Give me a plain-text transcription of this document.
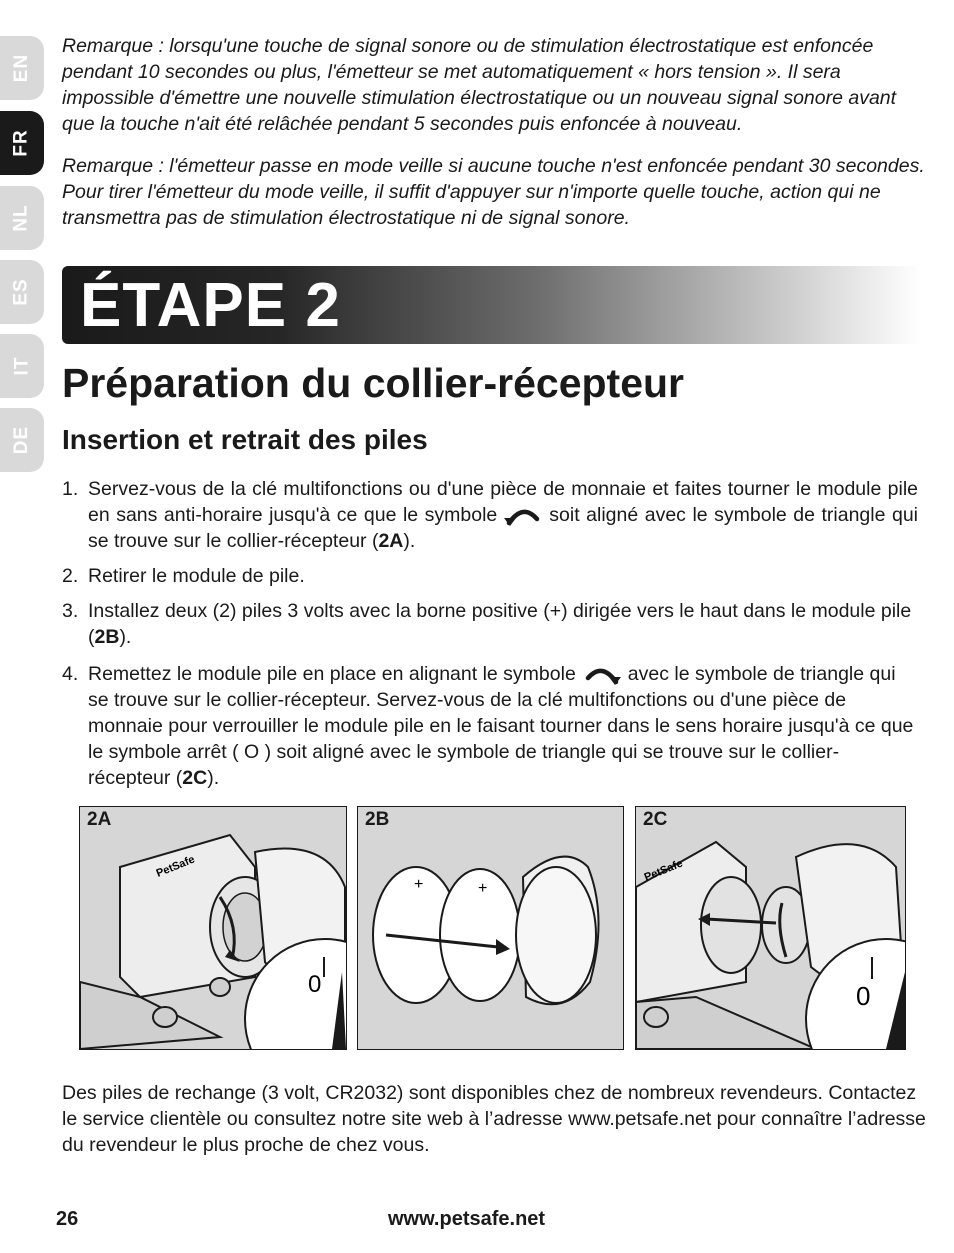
EN
FR
NL
ES
IT
DE

Remarque : lorsqu'une touche de signal sonore ou de stimulation électrostatique est enfoncée pendant 10 secondes ou plus, l'émetteur se met automatiquement « hors tension ». Il sera impossible d'émettre une nouvelle stimulation électrostatique ou un nouveau signal sonore avant que la touche n'ait été relâchée pendant 5 secondes puis enfoncée à nouveau.

Remarque : l'émetteur passe en mode veille si aucune touche n'est enfoncée pendant 30 secondes. Pour tirer l'émetteur du mode veille, il suffit d'appuyer sur n'importe quelle touche, action qui ne transmettra pas de stimulation électrostatique ni de signal sonore.

ÉTAPE 2
Préparation du collier-récepteur
Insertion et retrait des piles
1. Servez-vous de la clé multifonctions ou d'une pièce de monnaie et faites tourner le module pile en sans anti-horaire jusqu'à ce que le symbole	soit aligné avec le symbole de triangle qui se trouve sur le collier-récepteur (2A).
2. Retirer le module de pile.
3. Installez deux (2) piles 3 volts avec la borne positive (+) dirigée vers le haut dans le module pile (2B).
4. Remettez le module pile en place en alignant le symbole	avec le symbole de triangle qui se trouve sur le collier-récepteur. Servez-vous de la clé multifonctions ou d'une pièce de monnaie pour verrouiller le module pile en le faisant tourner dans le sens horaire jusqu'à ce que le symbole arrêt ( O ) soit aligné avec le symbole de triangle qui se trouve sur le collier-récepteur (2C).
2A
PetSafe
0
2B
+	+
2C
PetSafe
0

Des piles de rechange (3 volt, CR2032) sont disponibles chez de nombreux revendeurs. Contactez le service clientèle ou consultez notre site web à l’adresse www.petsafe.net pour connaître l’adresse du revendeur le plus proche de chez vous.

26	www.petsafe.net
